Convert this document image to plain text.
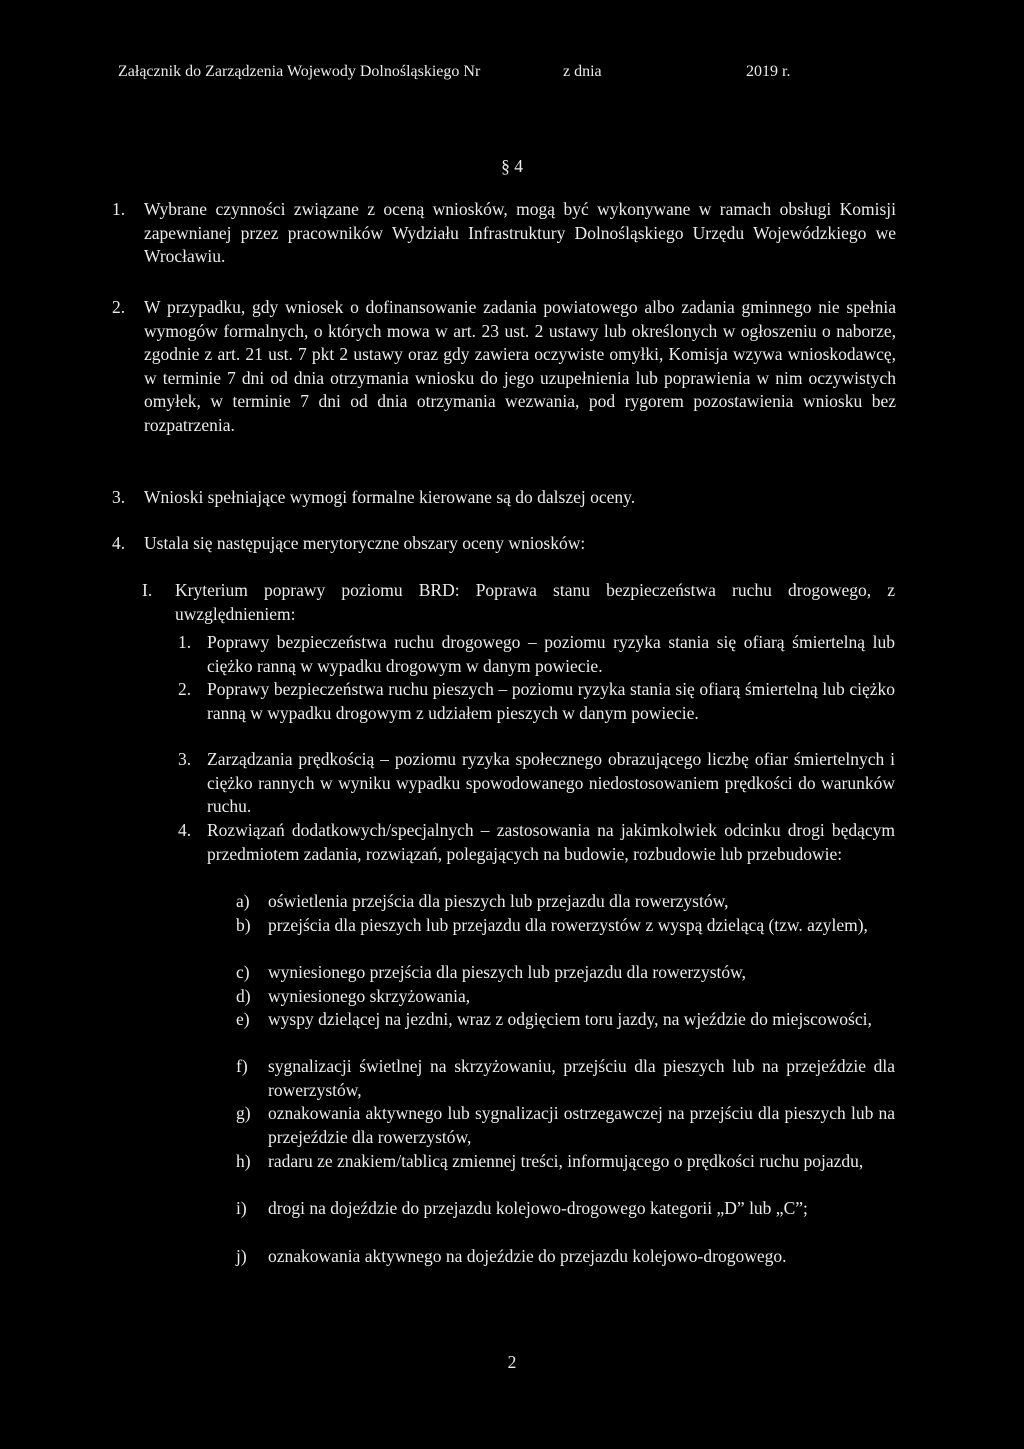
Załącznik do Zarządzenia Wojewody Dolnośląskiego Nr	z dnia	2019 r.
§ 4
1. Wybrane czynności związane z oceną wniosków, mogą być wykonywane w ramach obsługi Komisji zapewnianej przez pracowników Wydziału Infrastruktury Dolnośląskiego Urzędu Wojewódzkiego we Wrocławiu.
2. W przypadku, gdy wniosek o dofinansowanie zadania powiatowego albo zadania gminnego nie spełnia wymogów formalnych, o których mowa w art. 23 ust. 2 ustawy lub określonych w ogłoszeniu o naborze, zgodnie z art. 21 ust. 7 pkt 2 ustawy oraz gdy zawiera oczywiste omyłki, Komisja wzywa wnioskodawcę, w terminie 7 dni od dnia otrzymania wniosku do jego uzupełnienia lub poprawienia w nim oczywistych omyłek, w terminie 7 dni od dnia otrzymania wezwania, pod rygorem pozostawienia wniosku bez rozpatrzenia.
3. Wnioski spełniające wymogi formalne kierowane są do dalszej oceny.
4. Ustala się następujące merytoryczne obszary oceny wniosków:
I. Kryterium poprawy poziomu BRD: Poprawa stanu bezpieczeństwa ruchu drogowego, z uwzględnieniem:
1. Poprawy bezpieczeństwa ruchu drogowego – poziomu ryzyka stania się ofiarą śmiertelną lub ciężko ranną w wypadku drogowym w danym powiecie.
2. Poprawy bezpieczeństwa ruchu pieszych – poziomu ryzyka stania się ofiarą śmiertelną lub ciężko ranną w wypadku drogowym z udziałem pieszych w danym powiecie.
3. Zarządzania prędkością – poziomu ryzyka społecznego obrazującego liczbę ofiar śmiertelnych i ciężko rannych w wyniku wypadku spowodowanego niedostosowaniem prędkości do warunków ruchu.
4. Rozwiązań dodatkowych/specjalnych – zastosowania na jakimkolwiek odcinku drogi będącym przedmiotem zadania, rozwiązań, polegających na budowie, rozbudowie lub przebudowie:
a) oświetlenia przejścia dla pieszych lub przejazdu dla rowerzystów,
b) przejścia dla pieszych lub przejazdu dla rowerzystów z wyspą dzielącą (tzw. azylem),
c) wyniesionego przejścia dla pieszych lub przejazdu dla rowerzystów,
d) wyniesionego skrzyżowania,
e) wyspy dzielącej na jezdni, wraz z odgięciem toru jazdy, na wjeździe do miejscowości,
f) sygnalizacji świetlnej na skrzyżowaniu, przejściu dla pieszych lub na przejeździe dla rowerzystów,
g) oznakowania aktywnego lub sygnalizacji ostrzegawczej na przejściu dla pieszych lub na przejeździe dla rowerzystów,
h) radaru ze znakiem/tablicą zmiennej treści, informującego o prędkości ruchu pojazdu,
i) drogi na dojeździe do przejazdu kolejowo-drogowego kategorii „D” lub „C”;
j) oznakowania aktywnego na dojeździe do przejazdu kolejowo-drogowego.
2
